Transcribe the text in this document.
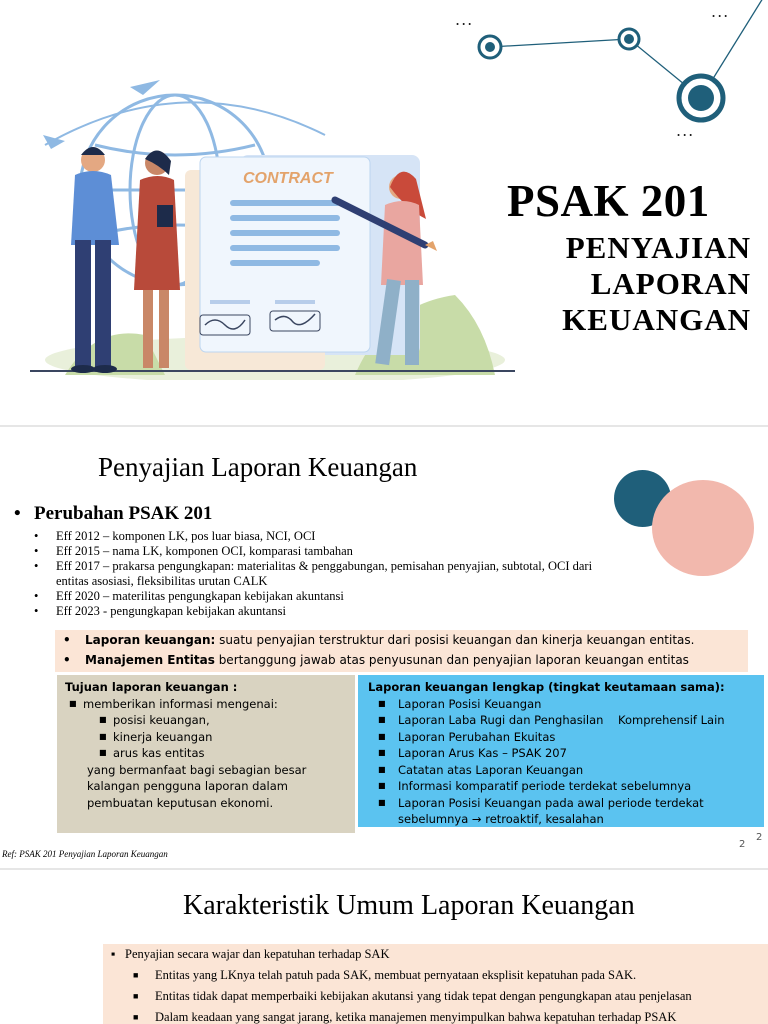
...	...
...
CONTRACT	PSAK 201
PENYAJIAN
LAPORAN
KEUANGAN
Penyajian Laporan Keuangan
• Perubahan PSAK 201
• Eff 2012 – komponen LK, pos luar biasa, NCI, OCI
• Eff 2015 – nama LK, komponen OCI, komparasi tambahan
• Eff 2017 – prakarsa pengungkapan: materialitas & penggabungan, pemisahan penyajian, subtotal, OCI dari entitas asosiasi, fleksibilitas urutan CALK
• Eff 2020 – materilitas pengungkapan kebijakan akuntansi
• Eff 2023 - pengungkapan kebijakan akuntansi
• Laporan keuangan: suatu penyajian terstruktur dari posisi keuangan dan kinerja keuangan entitas.
• Manajemen Entitas bertanggung jawab atas penyusunan dan penyajian laporan keuangan entitas
Tujuan laporan keuangan :
■ memberikan informasi mengenai:
■ posisi keuangan,
■ kinerja keuangan
■ arus kas entitas
yang bermanfaat bagi sebagian besar kalangan pengguna laporan dalam pembuatan keputusan ekonomi.
Laporan keuangan lengkap (tingkat keutamaan sama):
■ Laporan Posisi Keuangan
■ Laporan Laba Rugi dan Penghasilan    Komprehensif Lain
■ Laporan Perubahan Ekuitas
■ Laporan Arus Kas – PSAK 207
■ Catatan atas Laporan Keuangan
■ Informasi komparatif periode terdekat sebelumnya
■ Laporan Posisi Keuangan pada awal periode terdekat sebelumnya → retroaktif, kesalahan
Ref: PSAK 201 Penyajian Laporan Keuangan
2
2
Karakteristik Umum Laporan Keuangan
▪ Penyajian secara wajar dan kepatuhan terhadap SAK
■ Entitas yang LKnya telah patuh pada SAK, membuat pernyataan eksplisit kepatuhan pada SAK.
■ Entitas tidak dapat memperbaiki kebijakan akutansi yang tidak tepat dengan pengungkapan atau penjelasan
■ Dalam keadaan yang sangat jarang, ketika manajemen menyimpulkan bahwa kepatuhan terhadap PSAK
